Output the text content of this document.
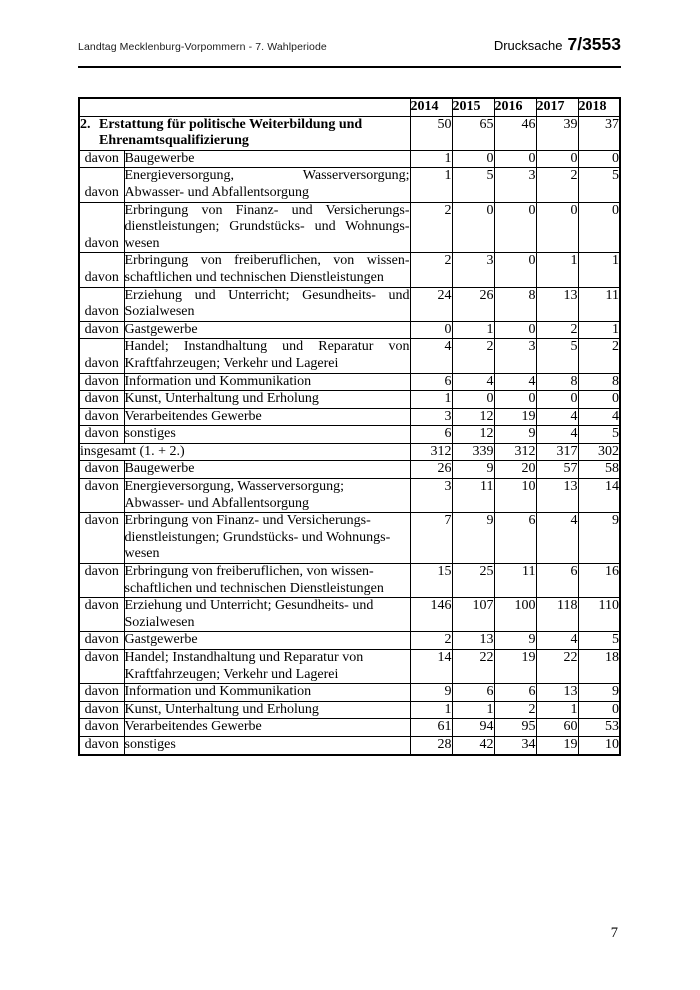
Landtag Mecklenburg-Vorpommern - 7. Wahlperiode	Drucksache 7/3553
		2014	2015	2016	2017	2018

2. Erstattung für politische Weiterbildung und
Ehrenamtsqualifizierung		50	65	46	39	37
davon	Baugewerbe	1	0	0	0	0
davon	Energieversorgung, Wasserversorgung;
Abwasser- und Abfallentsorgung	1	5	3	2	5
davon	Erbringung von Finanz- und Versicherungs-
dienstleistungen; Grundstücks- und Wohnungs-
wesen	2	0	0	0	0
davon	Erbringung von freiberuflichen, von wissen-
schaftlichen und technischen Dienstleistungen	2	3	0	1	1
davon	Erziehung und Unterricht; Gesundheits- und
Sozialwesen	24	26	8	13	11
davon	Gastgewerbe	0	1	0	2	1
davon	Handel; Instandhaltung und Reparatur von
Kraftfahrzeugen; Verkehr und Lagerei	4	2	3	5	2
davon	Information und Kommunikation	6	4	4	8	8
davon	Kunst, Unterhaltung und Erholung	1	0	0	0	0
davon	Verarbeitendes Gewerbe	3	12	19	4	4
davon	sonstiges	6	12	9	4	5
insgesamt (1. + 2.)		312	339	312	317	302
davon	Baugewerbe	26	9	20	57	58
davon	Energieversorgung, Wasserversorgung;
Abwasser- und Abfallentsorgung	3	11	10	13	14
davon	Erbringung von Finanz- und Versicherungs-
dienstleistungen; Grundstücks- und Wohnungs-
wesen	7	9	6	4	9
davon	Erbringung von freiberuflichen, von wissen-
schaftlichen und technischen Dienstleistungen	15	25	11	6	16
davon	Erziehung und Unterricht; Gesundheits- und
Sozialwesen	146	107	100	118	110
davon	Gastgewerbe	2	13	9	4	5
davon	Handel; Instandhaltung und Reparatur von
Kraftfahrzeugen; Verkehr und Lagerei	14	22	19	22	18
davon	Information und Kommunikation	9	6	6	13	9
davon	Kunst, Unterhaltung und Erholung	1	1	2	1	0
davon	Verarbeitendes Gewerbe	61	94	95	60	53
davon	sonstiges	28	42	34	19	10
7
